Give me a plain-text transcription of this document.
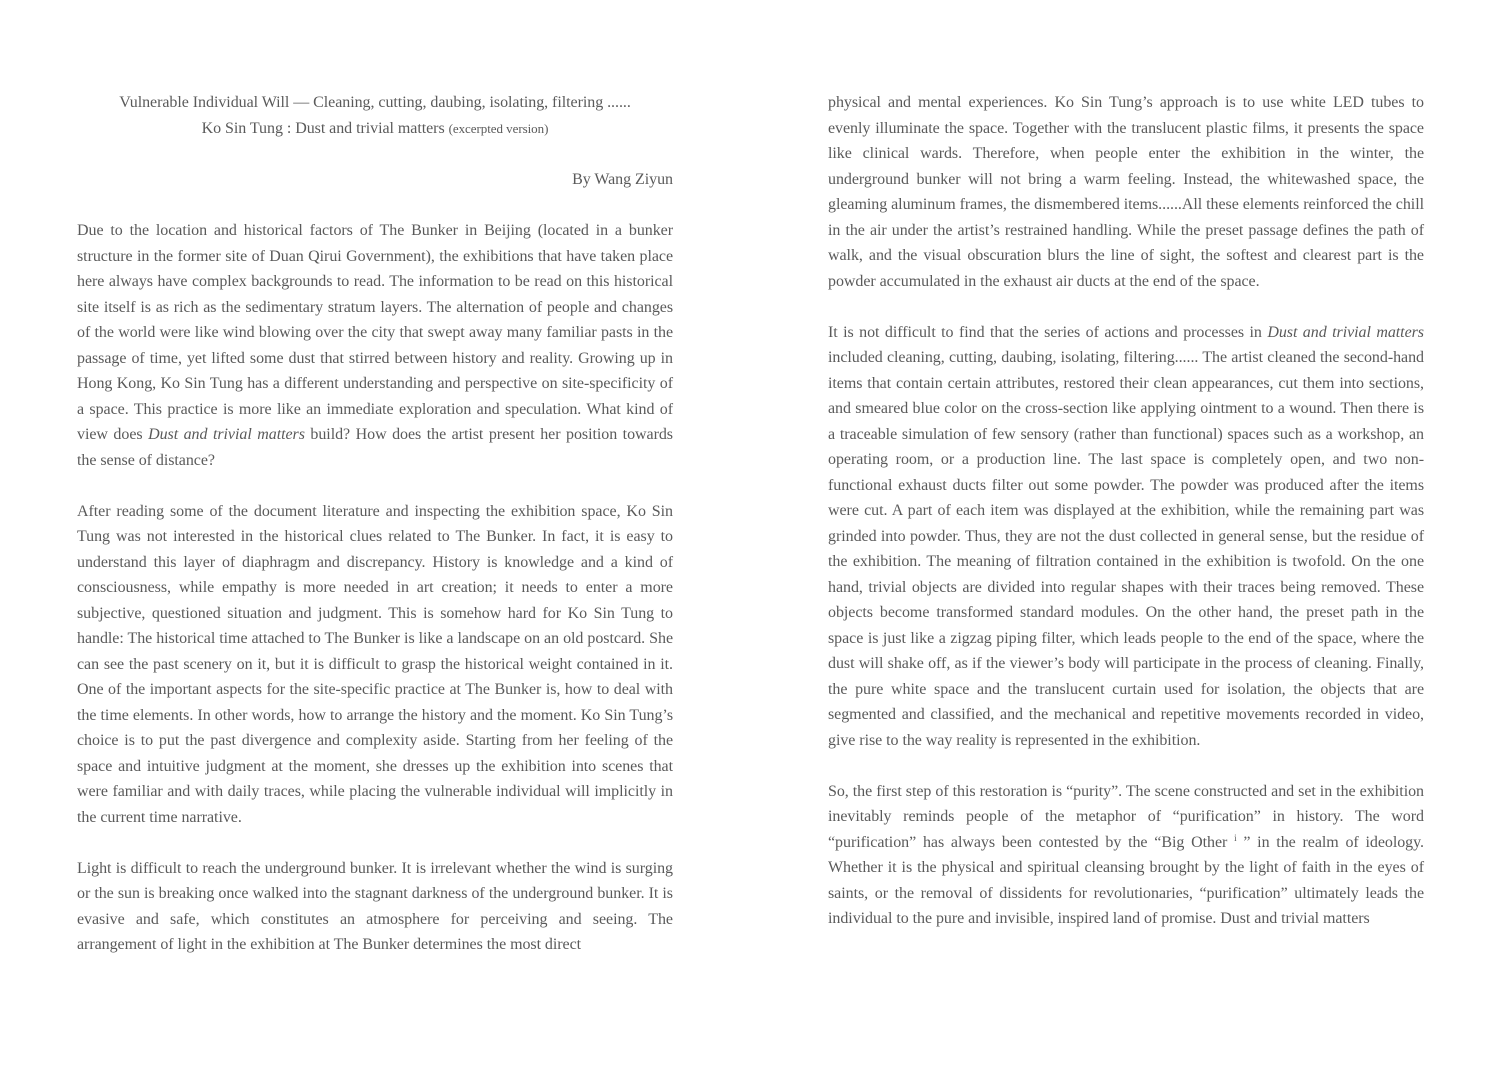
Vulnerable Individual Will — Cleaning, cutting, daubing, isolating, filtering ......
Ko Sin Tung : Dust and trivial matters (excerpted version)
By Wang Ziyun

Due to the location and historical factors of The Bunker in Beijing (located in a bunker structure in the former site of Duan Qirui Government), the exhibitions that have taken place here always have complex backgrounds to read. The information to be read on this historical site itself is as rich as the sedimentary stratum layers. The alternation of people and changes of the world were like wind blowing over the city that swept away many familiar pasts in the passage of time, yet lifted some dust that stirred between history and reality. Growing up in Hong Kong, Ko Sin Tung has a different understanding and perspective on site-specificity of a space. This practice is more like an immediate exploration and speculation. What kind of view does Dust and trivial matters build? How does the artist present her position towards the sense of distance?

After reading some of the document literature and inspecting the exhibition space, Ko Sin Tung was not interested in the historical clues related to The Bunker. In fact, it is easy to understand this layer of diaphragm and discrepancy. History is knowledge and a kind of consciousness, while empathy is more needed in art creation; it needs to enter a more subjective, questioned situation and judgment. This is somehow hard for Ko Sin Tung to handle: The historical time attached to The Bunker is like a landscape on an old postcard. She can see the past scenery on it, but it is difficult to grasp the historical weight contained in it. One of the important aspects for the site-specific practice at The Bunker is, how to deal with the time elements. In other words, how to arrange the history and the moment. Ko Sin Tung’s choice is to put the past divergence and complexity aside. Starting from her feeling of the space and intuitive judgment at the moment, she dresses up the exhibition into scenes that were familiar and with daily traces, while placing the vulnerable individual will implicitly in the current time narrative.

Light is difficult to reach the underground bunker. It is irrelevant whether the wind is surging or the sun is breaking once walked into the stagnant darkness of the underground bunker. It is evasive and safe, which constitutes an atmosphere for perceiving and seeing. The arrangement of light in the exhibition at The Bunker determines the most direct

physical and mental experiences. Ko Sin Tung’s approach is to use white LED tubes to evenly illuminate the space. Together with the translucent plastic films, it presents the space like clinical wards. Therefore, when people enter the exhibition in the winter, the underground bunker will not bring a warm feeling. Instead, the whitewashed space, the gleaming aluminum frames, the dismembered items......All these elements reinforced the chill in the air under the artist’s restrained handling. While the preset passage defines the path of walk, and the visual obscuration blurs the line of sight, the softest and clearest part is the powder accumulated in the exhaust air ducts at the end of the space.

It is not difficult to find that the series of actions and processes in Dust and trivial matters included cleaning, cutting, daubing, isolating, filtering...... The artist cleaned the second-hand items that contain certain attributes, restored their clean appearances, cut them into sections, and smeared blue color on the cross-section like applying ointment to a wound. Then there is a traceable simulation of few sensory (rather than functional) spaces such as a workshop, an operating room, or a production line. The last space is completely open, and two non-functional exhaust ducts filter out some powder. The powder was produced after the items were cut. A part of each item was displayed at the exhibition, while the remaining part was grinded into powder. Thus, they are not the dust collected in general sense, but the residue of the exhibition. The meaning of filtration contained in the exhibition is twofold. On the one hand, trivial objects are divided into regular shapes with their traces being removed. These objects become transformed standard modules. On the other hand, the preset path in the space is just like a zigzag piping filter, which leads people to the end of the space, where the dust will shake off, as if the viewer’s body will participate in the process of cleaning. Finally, the pure white space and the translucent curtain used for isolation, the objects that are segmented and classified, and the mechanical and repetitive movements recorded in video, give rise to the way reality is represented in the exhibition.

So, the first step of this restoration is “purity”. The scene constructed and set in the exhibition inevitably reminds people of the metaphor of “purification” in history. The word “purification” has always been contested by the “Big Other $^i$ ” in the realm of ideology. Whether it is the physical and spiritual cleansing brought by the light of faith in the eyes of saints, or the removal of dissidents for revolutionaries, “purification” ultimately leads the individual to the pure and invisible, inspired land of promise. Dust and trivial matters
